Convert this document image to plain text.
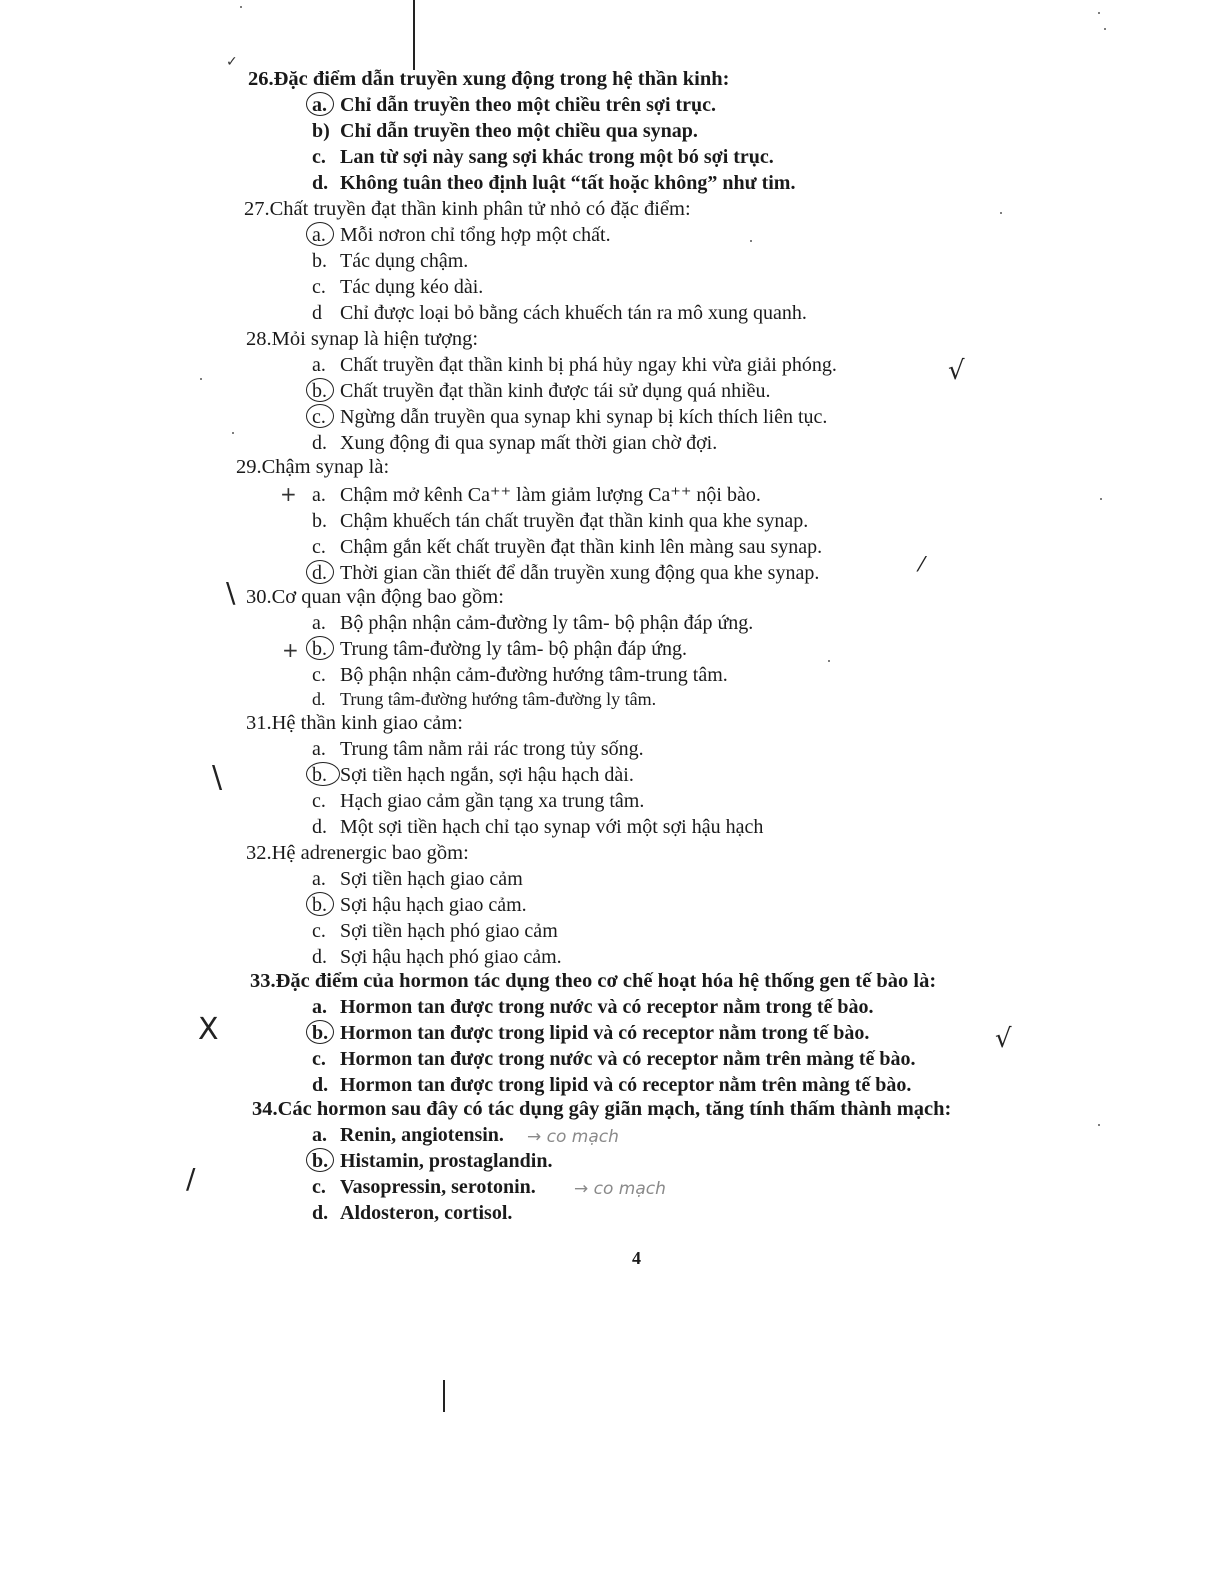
26.Đặc điểm dẫn truyền xung động trong hệ thần kinh:
a. Chỉ dẫn truyền theo một chiều trên sợi trục.
b) Chỉ dẫn truyền theo một chiều qua synap.
c. Lan từ sợi này sang sợi khác trong một bó sợi trục.
d. Không tuân theo định luật “tất hoặc không” như tim.
27.Chất truyền đạt thần kinh phân tử nhỏ có đặc điểm:
a. Mỗi nơron chỉ tổng hợp một chất.
b. Tác dụng chậm.
c. Tác dụng kéo dài.
d Chỉ được loại bỏ bằng cách khuếch tán ra mô xung quanh.
28.Mỏi synap là hiện tượng:
a. Chất truyền đạt thần kinh bị phá hủy ngay khi vừa giải phóng.
b. Chất truyền đạt thần kinh được tái sử dụng quá nhiều.
c. Ngừng dẫn truyền qua synap khi synap bị kích thích liên tục.
d. Xung động đi qua synap mất thời gian chờ đợi.
29.Chậm synap là:
a. Chậm mở kênh Ca⁺⁺ làm giảm lượng Ca⁺⁺ nội bào.
b. Chậm khuếch tán chất truyền đạt thần kinh qua khe synap.
c. Chậm gắn kết chất truyền đạt thần kinh lên màng sau synap.
d. Thời gian cần thiết để dẫn truyền xung động qua khe synap.
30.Cơ quan vận động bao gồm:
a. Bộ phận nhận cảm-đường ly tâm- bộ phận đáp ứng.
b. Trung tâm-đường ly tâm- bộ phận đáp ứng.
c. Bộ phận nhận cảm-đường hướng tâm-trung tâm.
d. Trung tâm-đường hướng tâm-đường ly tâm.
31.Hệ thần kinh giao cảm:
a. Trung tâm nằm rải rác trong tủy sống.
b. Sợi tiền hạch ngắn, sợi hậu hạch dài.
c. Hạch giao cảm gần tạng xa trung tâm.
d. Một sợi tiền hạch chỉ tạo synap với một sợi hậu hạch
32.Hệ adrenergic bao gồm:
a. Sợi tiền hạch giao cảm
b. Sợi hậu hạch giao cảm.
c. Sợi tiền hạch phó giao cảm
d. Sợi hậu hạch phó giao cảm.
33.Đặc điểm của hormon tác dụng theo cơ chế hoạt hóa hệ thống gen tế bào là:
a. Hormon tan được trong nước và có receptor nằm trong tế bào.
b. Hormon tan được trong lipid và có receptor nằm trong tế bào.
c. Hormon tan được trong nước và có receptor nằm trên màng tế bào.
d. Hormon tan được trong lipid và có receptor nằm trên màng tế bào.
34.Các hormon sau đây có tác dụng gây giãn mạch, tăng tính thấm thành mạch:
a. Renin, angiotensin. → co mạch
b. Histamin, prostaglandin.
c. Vasopressin, serotonin. → co mạch
d. Aldosteron, cortisol.
√
⁄
√
X
/
\
\
+
+
✓
4
